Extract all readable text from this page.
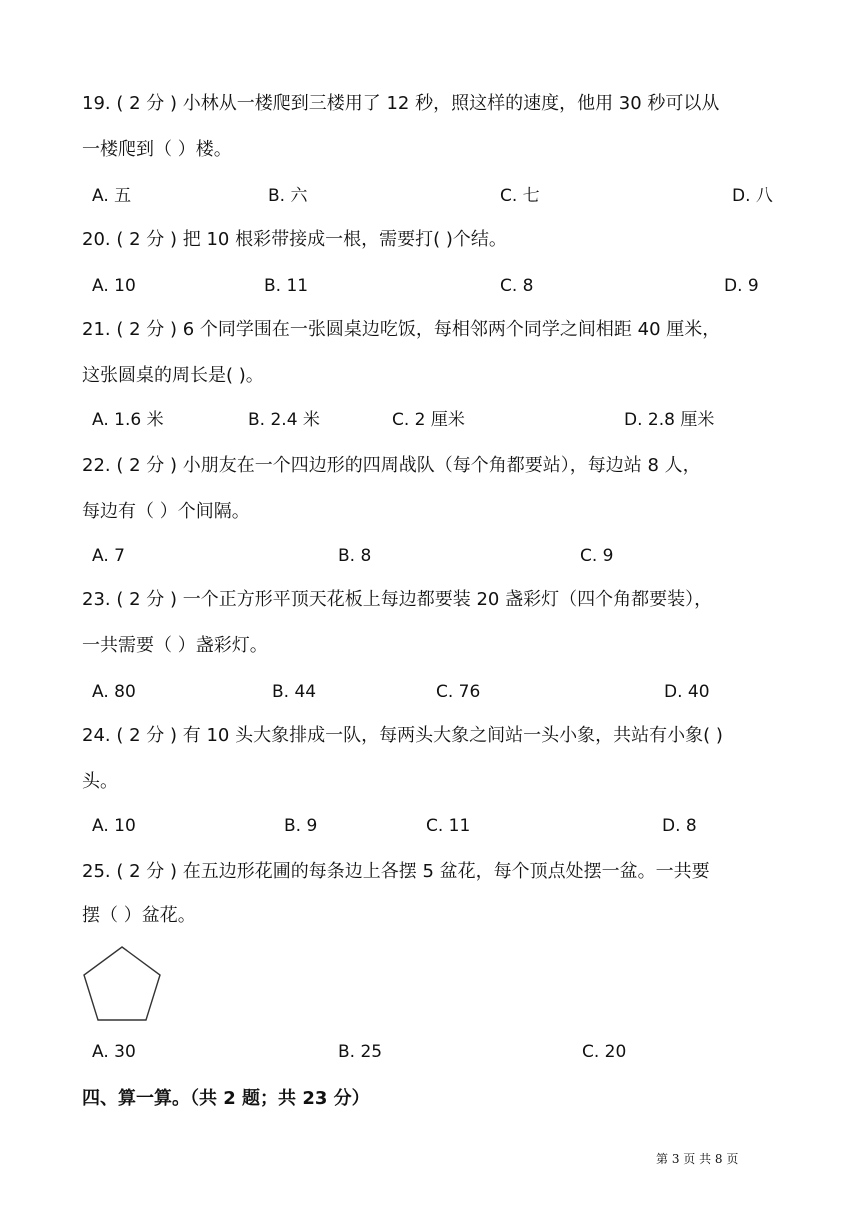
19. ( 2 分 ) 小林从一楼爬到三楼用了 12 秒，照这样的速度，他用 30 秒可以从
一楼爬到（ ）楼。
A. 五	B. 六	C. 七	D. 八
20. ( 2 分 ) 把 10 根彩带接成一根，需要打( )个结。
A. 10	B. 11	C. 8	D. 9
21. ( 2 分 ) 6 个同学围在一张圆桌边吃饭，每相邻两个同学之间相距 40 厘米，
这张圆桌的周长是( )。
A. 1.6 米	B. 2.4 米	C. 2 厘米	D. 2.8 厘米
22. ( 2 分 ) 小朋友在一个四边形的四周战队（每个角都要站），每边站 8 人，
每边有（ ）个间隔。
A. 7	B. 8	C. 9
23. ( 2 分 ) 一个正方形平顶天花板上每边都要装 20 盏彩灯（四个角都要装），
一共需要（ ）盏彩灯。
A. 80	B. 44	C. 76	D. 40
24. ( 2 分 ) 有 10 头大象排成一队，每两头大象之间站一头小象，共站有小象( )
头。
A. 10	B. 9	C. 11	D. 8
25. ( 2 分 ) 在五边形花圃的每条边上各摆 5 盆花，每个顶点处摆一盆。一共要
摆（ ）盆花。
A. 30	B. 25	C. 20
四、算一算。（共 2 题；共 23 分）
第 3 页 共 8 页
